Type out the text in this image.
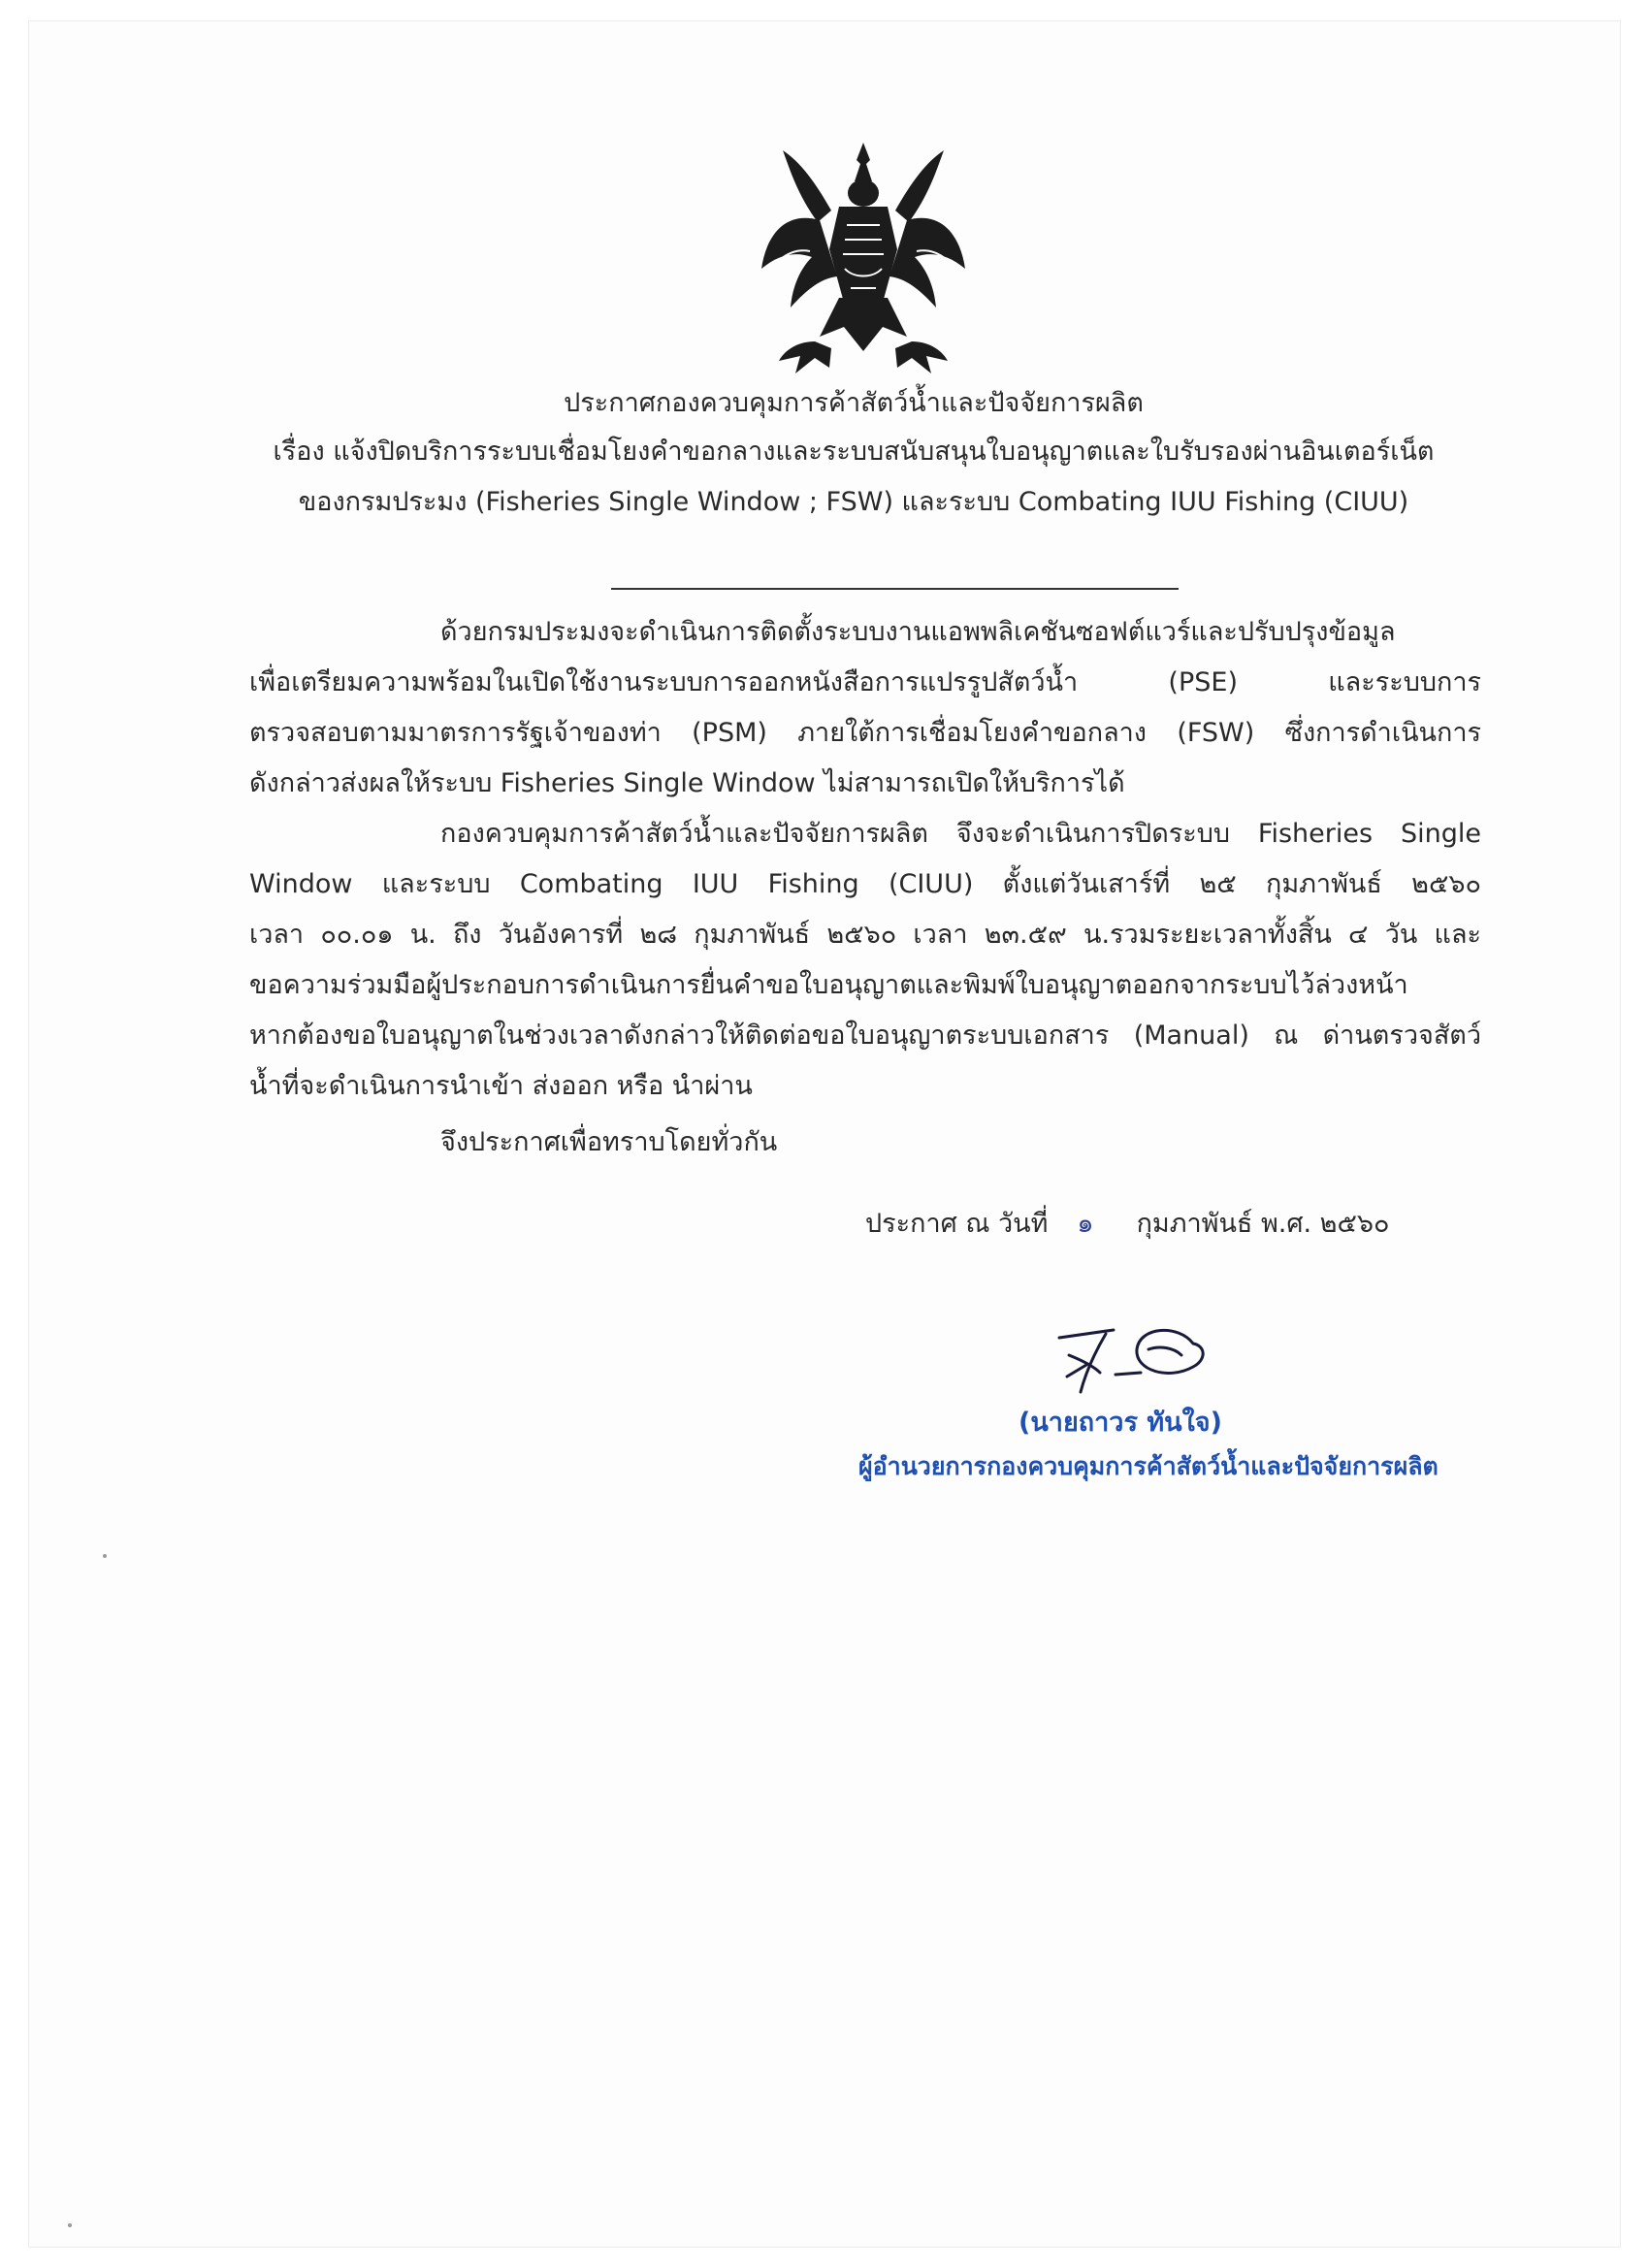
ประกาศกองควบคุมการค้าสัตว์น้ำและปัจจัยการผลิต
เรื่อง แจ้งปิดบริการระบบเชื่อมโยงคำขอกลางและระบบสนับสนุนใบอนุญาตและใบรับรองผ่านอินเตอร์เน็ต
ของกรมประมง (Fisheries Single Window ; FSW) และระบบ Combating IUU Fishing (CIUU)
ด้วยกรมประมงจะดำเนินการติดตั้งระบบงานแอพพลิเคชันซอฟต์แวร์และปรับปรุงข้อมูล
เพื่อเตรียมความพร้อมในเปิดใช้งานระบบการออกหนังสือการแปรรูปสัตว์น้ำ (PSE) และระบบการ
ตรวจสอบตามมาตรการรัฐเจ้าของท่า (PSM) ภายใต้การเชื่อมโยงคำขอกลาง (FSW) ซึ่งการดำเนินการ
ดังกล่าวส่งผลให้ระบบ Fisheries Single Window ไม่สามารถเปิดให้บริการได้
กองควบคุมการค้าสัตว์น้ำและปัจจัยการผลิต จึงจะดำเนินการปิดระบบ Fisheries Single
Window และระบบ Combating IUU Fishing (CIUU) ตั้งแต่วันเสาร์ที่ ๒๕ กุมภาพันธ์ ๒๕๖๐
เวลา ๐๐.๐๑ น. ถึง วันอังคารที่ ๒๘ กุมภาพันธ์ ๒๕๖๐ เวลา ๒๓.๕๙ น.รวมระยะเวลาทั้งสิ้น ๔ วัน และ
ขอความร่วมมือผู้ประกอบการดำเนินการยื่นคำขอใบอนุญาตและพิมพ์ใบอนุญาตออกจากระบบไว้ล่วงหน้า
หากต้องขอใบอนุญาตในช่วงเวลาดังกล่าวให้ติดต่อขอใบอนุญาตระบบเอกสาร (Manual) ณ ด่านตรวจสัตว์
น้ำที่จะดำเนินการนำเข้า ส่งออก หรือ นำผ่าน
จึงประกาศเพื่อทราบโดยทั่วกัน
ประกาศ ณ วันที่ ๑ กุมภาพันธ์ พ.ศ. ๒๕๖๐
(นายถาวร ทันใจ)
ผู้อำนวยการกองควบคุมการค้าสัตว์น้ำและปัจจัยการผลิต
